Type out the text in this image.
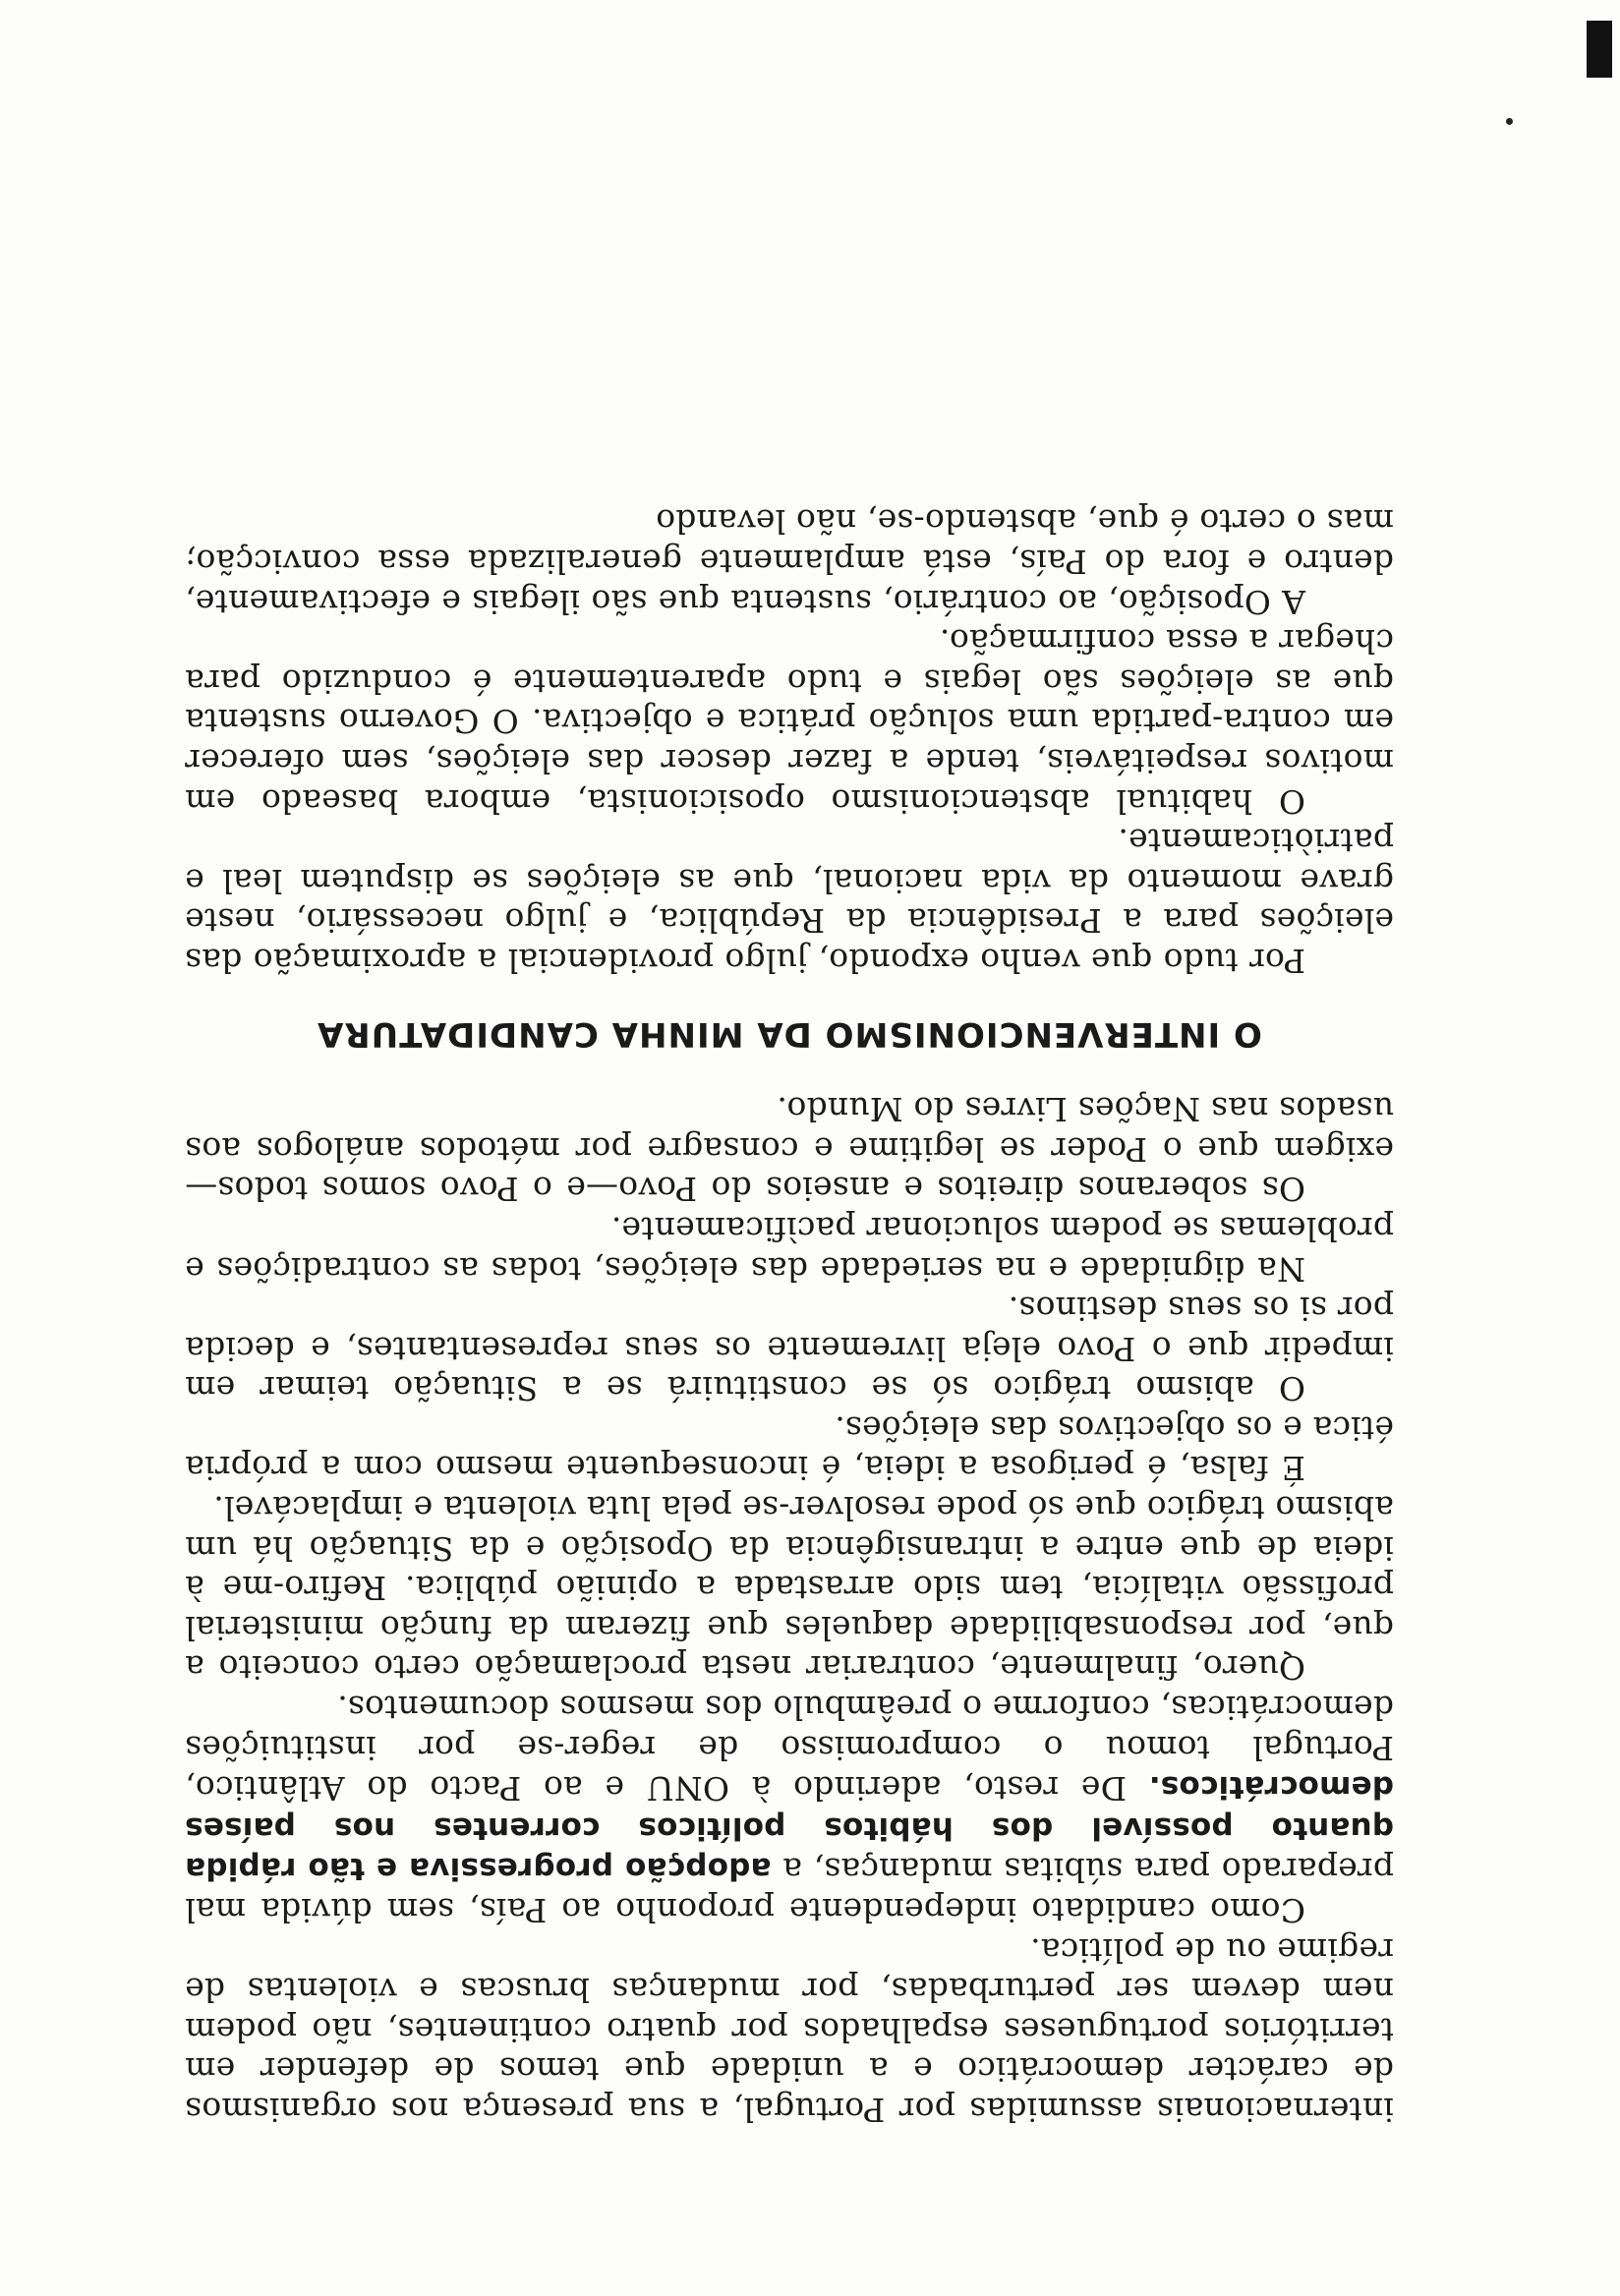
internacionais assumidas por Portugal, a sua presença nos organismos de carácter democrático e a unidade que temos de defender em territórios portugueses espalhados por quatro continentes, não podem nem devem ser perturbadas, por mudanças bruscas e violentas de regime ou de política.

Como candidato independente proponho ao País, sem dúvida mal preparado para súbitas mudanças, a adopção progressiva e tão rápida quanto possível dos hábitos políticos correntes nos países democráticos. De resto, aderindo à ONU e ao Pacto do Atlântico, Portugal tomou o compromisso de reger-se por instituições democráticas, conforme o preâmbulo dos mesmos documentos.

Quero, finalmente, contrariar nesta proclamação certo conceito a que, por responsabilidade daqueles que fizeram da função ministerial profissão vitalícia, tem sido arrastada a opinião pública. Refiro-me à ideia de que entre a intransigência da Oposição e da Situação há um abismo trágico que só pode resolver-se pela luta violenta e implacável.

É falsa, é perigosa a ideia, é inconsequente mesmo com a própria ética e os objectivos das eleições.

O abismo trágico só se constituirá se a Situação teimar em impedir que o Povo eleja livremente os seus representantes, e decida por si os seus destinos.

Na dignidade e na seriedade das eleições, todas as contradições e problemas se podem solucionar pacìficamente.

Os soberanos direitos e anseios do Povo—e o Povo somos todos—exigem que o Poder se legitime e consagre por métodos análogos aos usados nas Nações Livres do Mundo.

O INTERVENCIONISMO DA MINHA CANDIDATURA

Por tudo que venho expondo, julgo providencial a aproximação das eleições para a Presidência da República, e julgo necessário, neste grave momento da vida nacional, que as eleições se disputem leal e patriòticamente.

O habitual abstencionismo oposicionista, embora baseado em motivos respeitáveis, tende a fazer descer das eleições, sem oferecer em contra-partida uma solução prática e objectiva. O Governo sustenta que as eleições são legais e tudo aparentemente é conduzido para chegar a essa confirmação.

A Oposição, ao contrário, sustenta que são ilegais e efectivamente, dentro e fora do País, está amplamente generalizada essa convicção; mas o certo é que, abstendo-se, não levando
